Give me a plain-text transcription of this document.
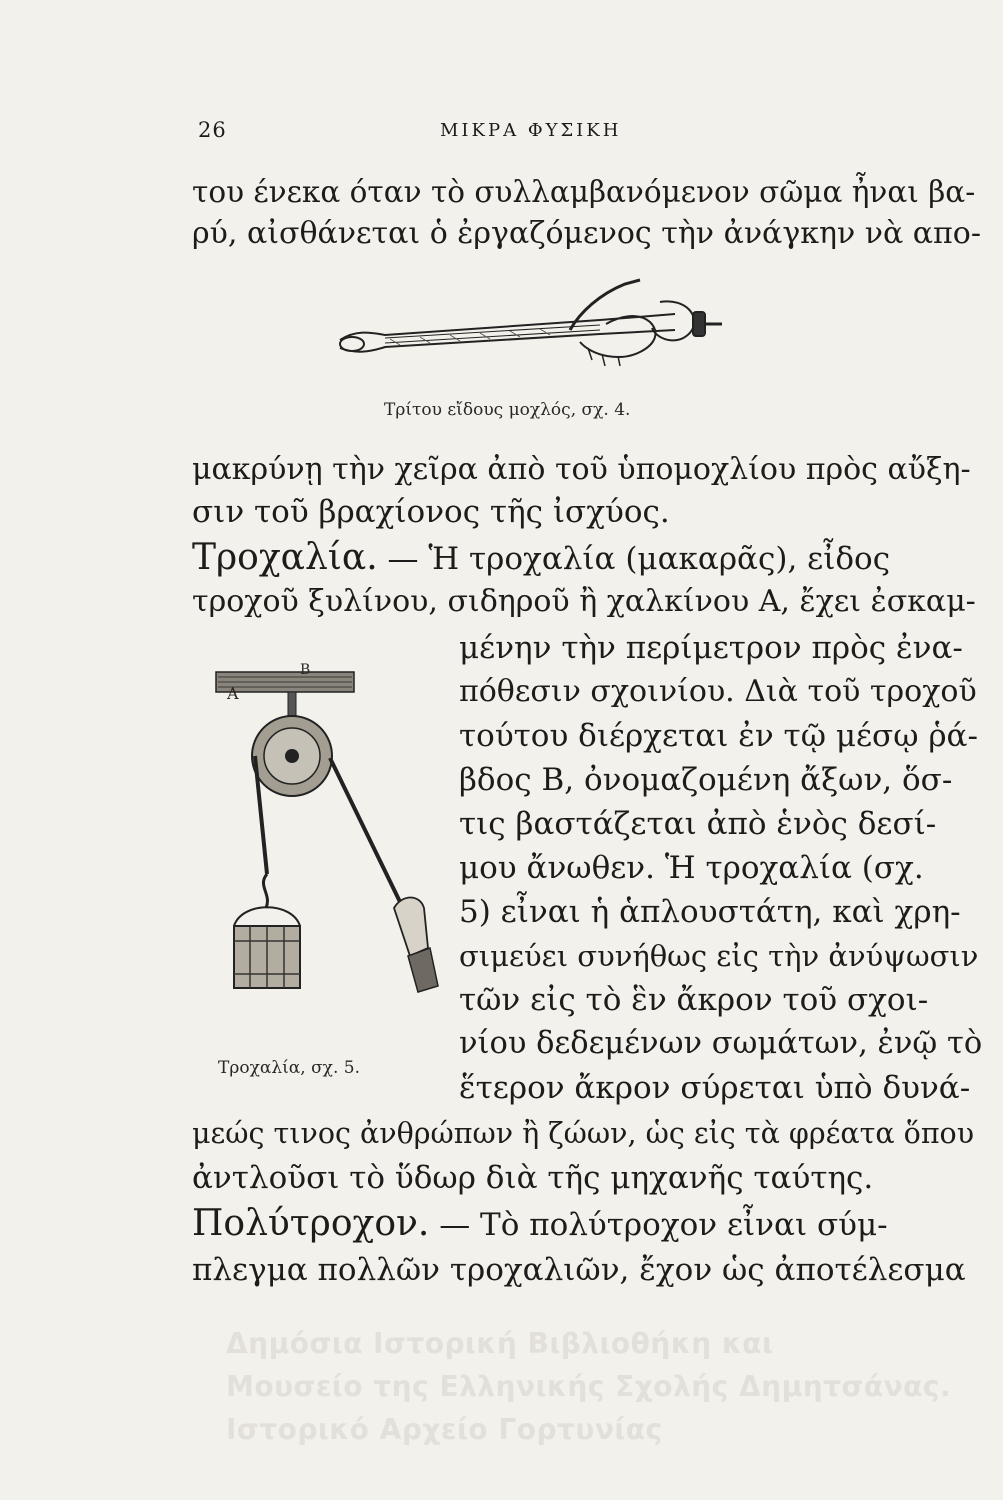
26	ΜΙΚΡΑ ΦΥΣΙΚΗ
του ένεκα όταν τὸ συλλαμβανόμενον σῶμα ἦναι βα-
ρύ, αἰσθάνεται ὁ ἐργαζόμενος τὴν ἀνάγκην νὰ απο-
Τρίτου εἴδους μοχλός, σχ. 4.
μακρύνῃ τὴν χεῖρα ἀπὸ τοῦ ὑπομοχλίου πρὸς αὔξη-
σιν τοῦ βραχίονος τῆς ἰσχύος.
Τροχαλία. — Ἡ τροχαλία (μακαρᾶς), εἶδος
τροχοῦ ξυλίνου, σιδηροῦ ἢ χαλκίνου Α, ἔχει ἐσκαμ-
A
B
Τροχαλία, σχ. 5.
μένην τὴν περίμετρον πρὸς ἐνα-
πόθεσιν σχοινίου. Διὰ τοῦ τροχοῦ
τούτου διέρχεται ἐν τῷ μέσῳ ῥά-
βδος Β, ὀνομαζομένη ἄξων, ὅσ-
τις βαστάζεται ἀπὸ ἑνὸς δεσί-
μου ἄνωθεν. Ἡ τροχαλία (σχ.
5) εἶναι ἡ ἁπλουστάτη, καὶ χρη-
σιμεύει συνήθως εἰς τὴν ἀνύψωσιν
τῶν εἰς τὸ ἓν ἄκρον τοῦ σχοι-
νίου δεδεμένων σωμάτων, ἐνῷ τὸ
ἕτερον ἄκρον σύρεται ὑπὸ δυνά-
μεώς τινος ἀνθρώπων ἢ ζώων, ὡς εἰς τὰ φρέατα ὅπου
ἀντλοῦσι τὸ ὕδωρ διὰ τῆς μηχανῆς ταύτης.
Πολύτροχον. — Τὸ πολύτροχον εἶναι σύμ-
πλεγμα πολλῶν τροχαλιῶν, ἔχον ὡς ἀποτέλεσμα
Δημόσια Ιστορική Βιβλιοθήκη και
Μουσείο της Ελληνικής Σχολής Δημητσάνας.
Ιστορικό Αρχείο Γορτυνίας
